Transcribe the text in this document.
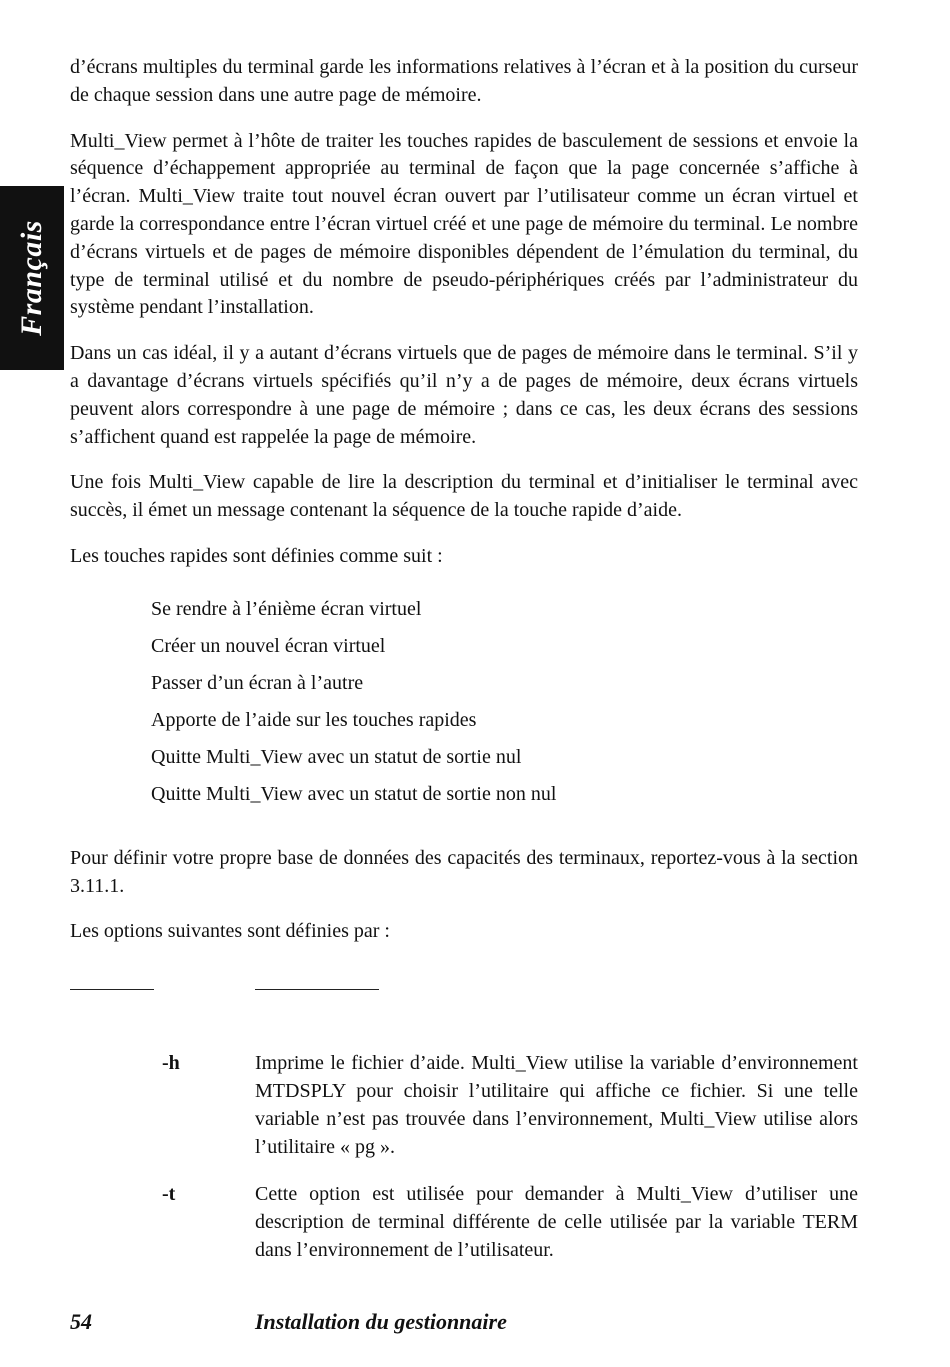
Français

d’écrans multiples du terminal garde les informations relatives à l’écran et à la position du curseur de chaque session dans une autre page de mémoire.

Multi_View permet à l’hôte de traiter les touches rapides de basculement de sessions et envoie la séquence d’échappement appropriée au terminal de façon que la page concernée s’affiche à l’écran. Multi_View traite tout nouvel écran ouvert par l’utilisateur comme un écran virtuel et garde la correspondance entre l’écran virtuel créé et une page de mémoire du terminal. Le nombre d’écrans virtuels et de pages de mémoire disponibles dépendent de l’émulation du terminal, du type de terminal utilisé et du nombre de pseudo-périphériques créés par l’administrateur du système pendant l’installation.

Dans un cas idéal, il y a autant d’écrans virtuels que de pages de mémoire dans le terminal. S’il y a davantage d’écrans virtuels spécifiés qu’il n’y a de pages de mémoire, deux écrans virtuels peuvent alors correspondre à une page de mémoire ; dans ce cas, les deux écrans des sessions s’affichent quand est rappelée la page de mémoire.

Une fois Multi_View capable de lire la description du terminal et d’initialiser le terminal avec succès, il émet un message contenant la séquence de la touche rapide d’aide.

Les touches rapides sont définies comme suit :

Se rendre à l’énième écran virtuel
Créer un nouvel écran virtuel
Passer d’un écran à l’autre
Apporte de l’aide sur les touches rapides
Quitte Multi_View avec un statut de sortie nul
Quitte Multi_View avec un statut de sortie non nul

Pour définir votre propre base de données des capacités des terminaux, reportez-vous à la section 3.11.1.

Les options suivantes sont définies par :

-h	Imprime le fichier d’aide. Multi_View utilise la variable d’environnement MTDSPLY pour choisir l’utilitaire qui affiche ce fichier. Si une telle variable n’est pas trouvée dans l’environnement, Multi_View utilise alors l’utilitaire « pg ».
-t	Cette option est utilisée pour demander à Multi_View d’utiliser une description de terminal différente de celle utilisée par la variable TERM dans l’environnement de l’utilisateur.
54	Installation du gestionnaire
